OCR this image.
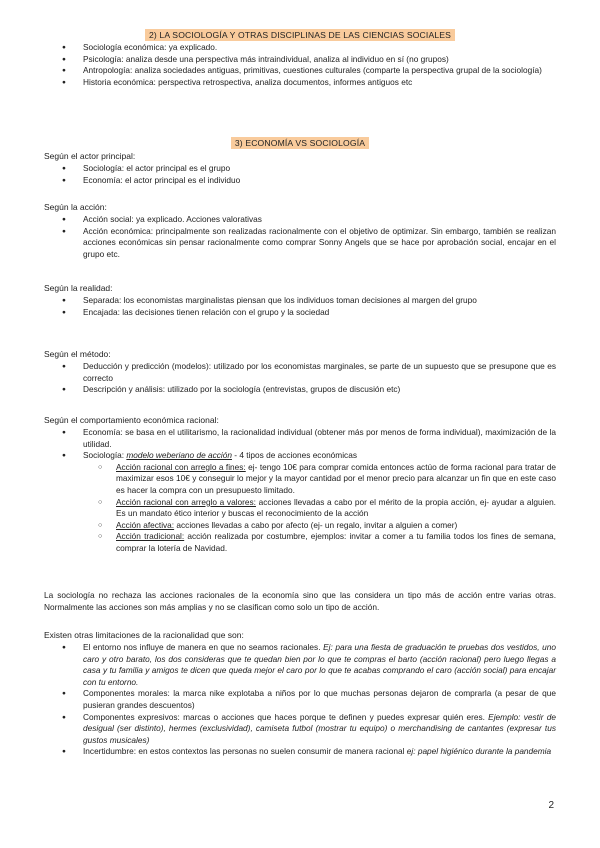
2) LA SOCIOLOGÍA Y OTRAS DISCIPLINAS DE LAS CIENCIAS SOCIALES
● Sociología económica: ya explicado.
● Psicología: analiza desde una perspectiva más intraindividual, analiza al individuo en sí (no grupos)
● Antropología: analiza sociedades antiguas, primitivas, cuestiones culturales (comparte la perspectiva grupal de la sociología)
● Historia económica: perspectiva retrospectiva, analiza documentos, informes antiguos etc
3) ECONOMÍA VS SOCIOLOGÍA

Según el actor principal:

● Sociología: el actor principal es el grupo
● Economía: el actor principal es el individuo

Según la acción:

● Acción social: ya explicado. Acciones valorativas
● Acción económica: principalmente son realizadas racionalmente con el objetivo de optimizar. Sin embargo, también se realizan acciones económicas sin pensar racionalmente como comprar Sonny Angels que se hace por aprobación social, encajar en el grupo etc.

Según la realidad:

● Separada: los economistas marginalistas piensan que los individuos toman decisiones al margen del grupo
● Encajada: las decisiones tienen relación con el grupo y la sociedad

Según el método:

● Deducción y predicción (modelos): utilizado por los economistas marginales, se parte de un supuesto que se presupone que es correcto
● Descripción y análisis: utilizado por la sociología (entrevistas, grupos de discusión etc)

Según el comportamiento económica racional:

● Economía: se basa en el utilitarismo, la racionalidad individual (obtener más por menos de forma individual), maximización de la utilidad.
● Sociología: modelo weberiano de acción - 4 tipos de acciones económicas
○ Acción racional con arreglo a fines: ej- tengo 10€ para comprar comida entonces actúo de forma racional para tratar de maximizar esos 10€ y conseguir lo mejor y la mayor cantidad por el menor precio para alcanzar un fin que en este caso es hacer la compra con un presupuesto limitado.
○ Acción racional con arreglo a valores: acciones llevadas a cabo por el mérito de la propia acción, ej- ayudar a alguien. Es un mandato ético interior y buscas el reconocimiento de la acción
○ Acción afectiva: acciones llevadas a cabo por afecto (ej- un regalo, invitar a alguien a comer)
○ Acción tradicional: acción realizada por costumbre, ejemplos: invitar a comer a tu familia todos los fines de semana, comprar la lotería de Navidad.

La sociología no rechaza las acciones racionales de la economía sino que las considera un tipo más de acción entre varias otras. Normalmente las acciones son más amplias y no se clasifican como solo un tipo de acción.

Existen otras limitaciones de la racionalidad que son:

● El entorno nos influye de manera en que no seamos racionales. Ej: para una fiesta de graduación te pruebas dos vestidos, uno caro y otro barato, los dos consideras que te quedan bien por lo que te compras el barto (acción racional) pero luego llegas a casa y tu familia y amigos te dicen que queda mejor el caro por lo que te acabas comprando el caro (acción social) para encajar con tu entorno.
● Componentes morales: la marca nike explotaba a niños por lo que muchas personas dejaron de comprarla (a pesar de que pusieran grandes descuentos)
● Componentes expresivos: marcas o acciones que haces porque te definen y puedes expresar quién eres. Ejemplo: vestir de desigual (ser distinto), hermes (exclusividad), camiseta futbol (mostrar tu equipo) o merchandising de cantantes (expresar tus gustos musicales)
● Incertidumbre: en estos contextos las personas no suelen consumir de manera racional ej: papel higiénico durante la pandemia
2
